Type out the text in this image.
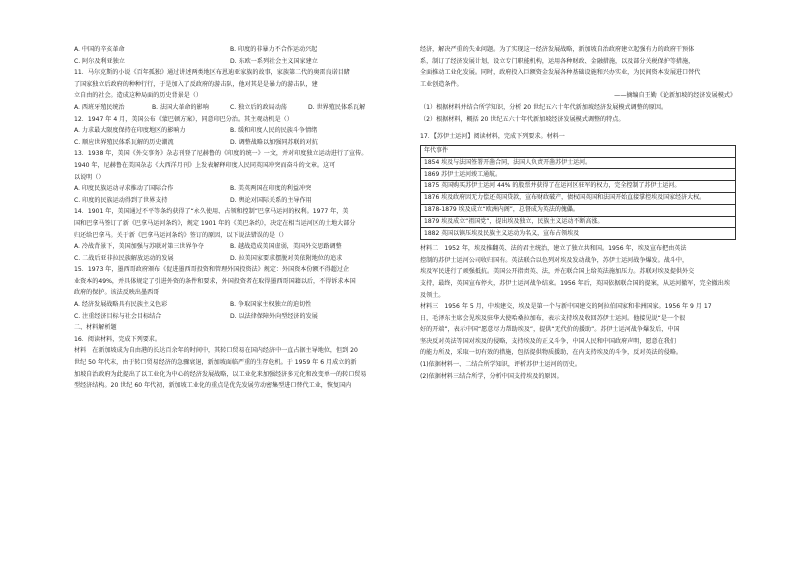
A. 中国的辛亥革命	B. 印度的非暴力不合作运动兴起
C. 阿尔及利亚独立	D. 东欧一系列社会主义国家建立

11．马尔克斯的小说《百年孤独》通过讲述两类地区布恩迪亚家族的故事，家族第二代的奥雷良诺目睹

了国家独立后政府的种种行行，于是加入了反政府的游击队，他对其是是暴力的游击队，建

立自由的社会。造成这种局面的历史背景是（）

A. 西班牙殖民统治	B. 法国大革命的影响	C. 独立后的政局动荡	D. 世界殖民体系瓦解

12．1947 年 4 月，美国公布《蒙巴顿方案》，同意印巴分治。其主观动机是（）

A. 力求最大限度保持在印度地区的影响力	B. 缓和印度人民的民族斗争情绪
C. 顺应世界殖民体系瓦解的历史潮流	D. 调整战略以加强同苏联的对抗

13．1938 年，美国《外交事务》杂志刊登了尼赫鲁的《印度的统一》一文，并对印度独立运动进行了宣传。

1940 年，尼赫鲁在美国杂志《大西洋月刊》上发表解释印度人民同英国冲突而奋斗的文章。这可

以说明（）

A. 印度民族运动寻求推动了国际合作	B. 美英两国在印度的利益冲突
C. 印度的民族运动得到了世界支持	D. 舆论对国际关系的主导作用

14．1901 年，美国通过不平等条约获得了“永久使用、占领和控制”巴拿马运河的权利。1977 年，美

国和巴拿马签订了新《巴拿马运河条约》，规定 1901 年的《美巴条约》，决定在相当运河区的土地大部分

归还给巴拿马。关于新《巴拿马运河条约》签订的原因，以下说法错误的是（）

A. 冷战背景下，美国加强与苏联对第三世界争夺	B. 越战造成美国虚弱，美国外交思路调整
C. 二战后亚非拉民族解放运动的发展	D. 拉美国家要求摆脱对美依附地位的追求

15．1973 年，墨西哥政府颁布《促进墨西哥投资和管理外国投资法》规定：外国资本份额不得超过企

业资本的49%，并具体规定了引进外资的条件和要求，外国投资者在取得墨西哥国籍以后，不得诉求本国

政府的保护。该法反映出墨西哥

A. 经济发展战略具有民族主义色彩	B. 争取国家主权独立的迫切性
C. 注重经济目标与社会目标结合	D. 以法律保障外向型经济的发展

二、材料解析题

16．阅读材料，完成下列要求。

材料　在新加坡成为自由港的长达百余年的时间中，其转口贸易在国内经济中一直占据主导地位，但到 20

世纪 50 年代末，由于转口贸易经济的急骤衰退，新加坡面临严重的生存危机。于 1959 年 6 月成立的新

加坡自治政府为此提出了以工业化为中心的经济发展战略，以工业化来加强经济多元化和改变单一的转口贸易

型经济结构。20 世纪 60 年代初，新加坡工业化的重点是优先发展劳动密集型进口替代工业，恢复国内

经济，解决严重的失业问题。为了实现这一经济发展战略，新加坡自治政府建立起强有力的政府干预体

系，制订了经济发展计划，设立专门职能机构，运用各种财政、金融措施，以及部分关税保护等措施，

全面推动工业化发展。同时，政府投入巨额资金发展各种基础设施和兴办实业，为民间资本发展进口替代

工业创造条件。

——摘编自王勤《论新加坡的经济发展模式》

（1）根据材料并结合所学知识，分析 20 世纪五六十年代新加坡经济发展模式调整的原因。

（2）根据材料，概括 20 世纪五六十年代新加坡经济发展模式调整的特点。

17．【苏伊士运河】阅读材料，完成下列要求。材料一

年代事件
1854 埃及与法国签署开凿合同，法国人负责开凿苏伊士运河。
1869 苏伊士运河竣工通航。
1875 英国购买苏伊士运河 44% 的股票并获得了在运河区驻军的权力，完全控制了苏伊士运河。
1876 埃及政府因无力偿还英国贷款，宣布财政破产，债权国英国和法国开始直接掌控埃及国家经济大权。
1878-1879 埃及成立“欧洲内阁”，总督成为英法的傀儡。
1879 埃及成立“祖国党”，提出埃及独立，民族主义运动不断高涨。
1882 英国以镇压埃及民族主义运动为名义，宣布占领埃及

材料二　1952 年，埃及推翻英、法的君主统治，建立了独立共和国。1956 年，埃及宣布把由英法

控制的苏伊士运河公司收归国有。英法联合以色列对埃及发动战争，苏伊士运河战争爆发。战斗中，

埃及军民进行了顽强抵抗。美国公开指责英、法，并在联合国上给英法施加压力。苏联对埃及提供外交

支持，最终，英国宣布停火，苏伊士运河战争结束。1956 年后，英国依据联合国的提案，从运河撤军，完全撤出埃

及领土。

材料三　1956 年 5 月，中埃建交，埃及是第一个与新中国建交的阿拉伯国家和非洲国家。1956 年 9 月 17

日，毛泽东主席会见埃及驻华大使哈桑拉加布，表示支持埃及收回苏伊士运河。他接见说“是一个很

好的开端”，表示中国“愿意尽力帮助埃及”，提供“无代价的援助”。苏伊士运河战争爆发后，中国

坚决反对英法等国对埃及的侵略，支持埃及的正义斗争，中国人民和中国政府声明，愿意在我们

的能力所及，采取一切有效的措施，包括提供物质援助，在内支持埃及的斗争，反对英法的侵略。

(1)依据材料一、二结合所学知识，评析苏伊士运河的历史。

(2)依据材料三结合所学，分析中国支持埃及的原因。
